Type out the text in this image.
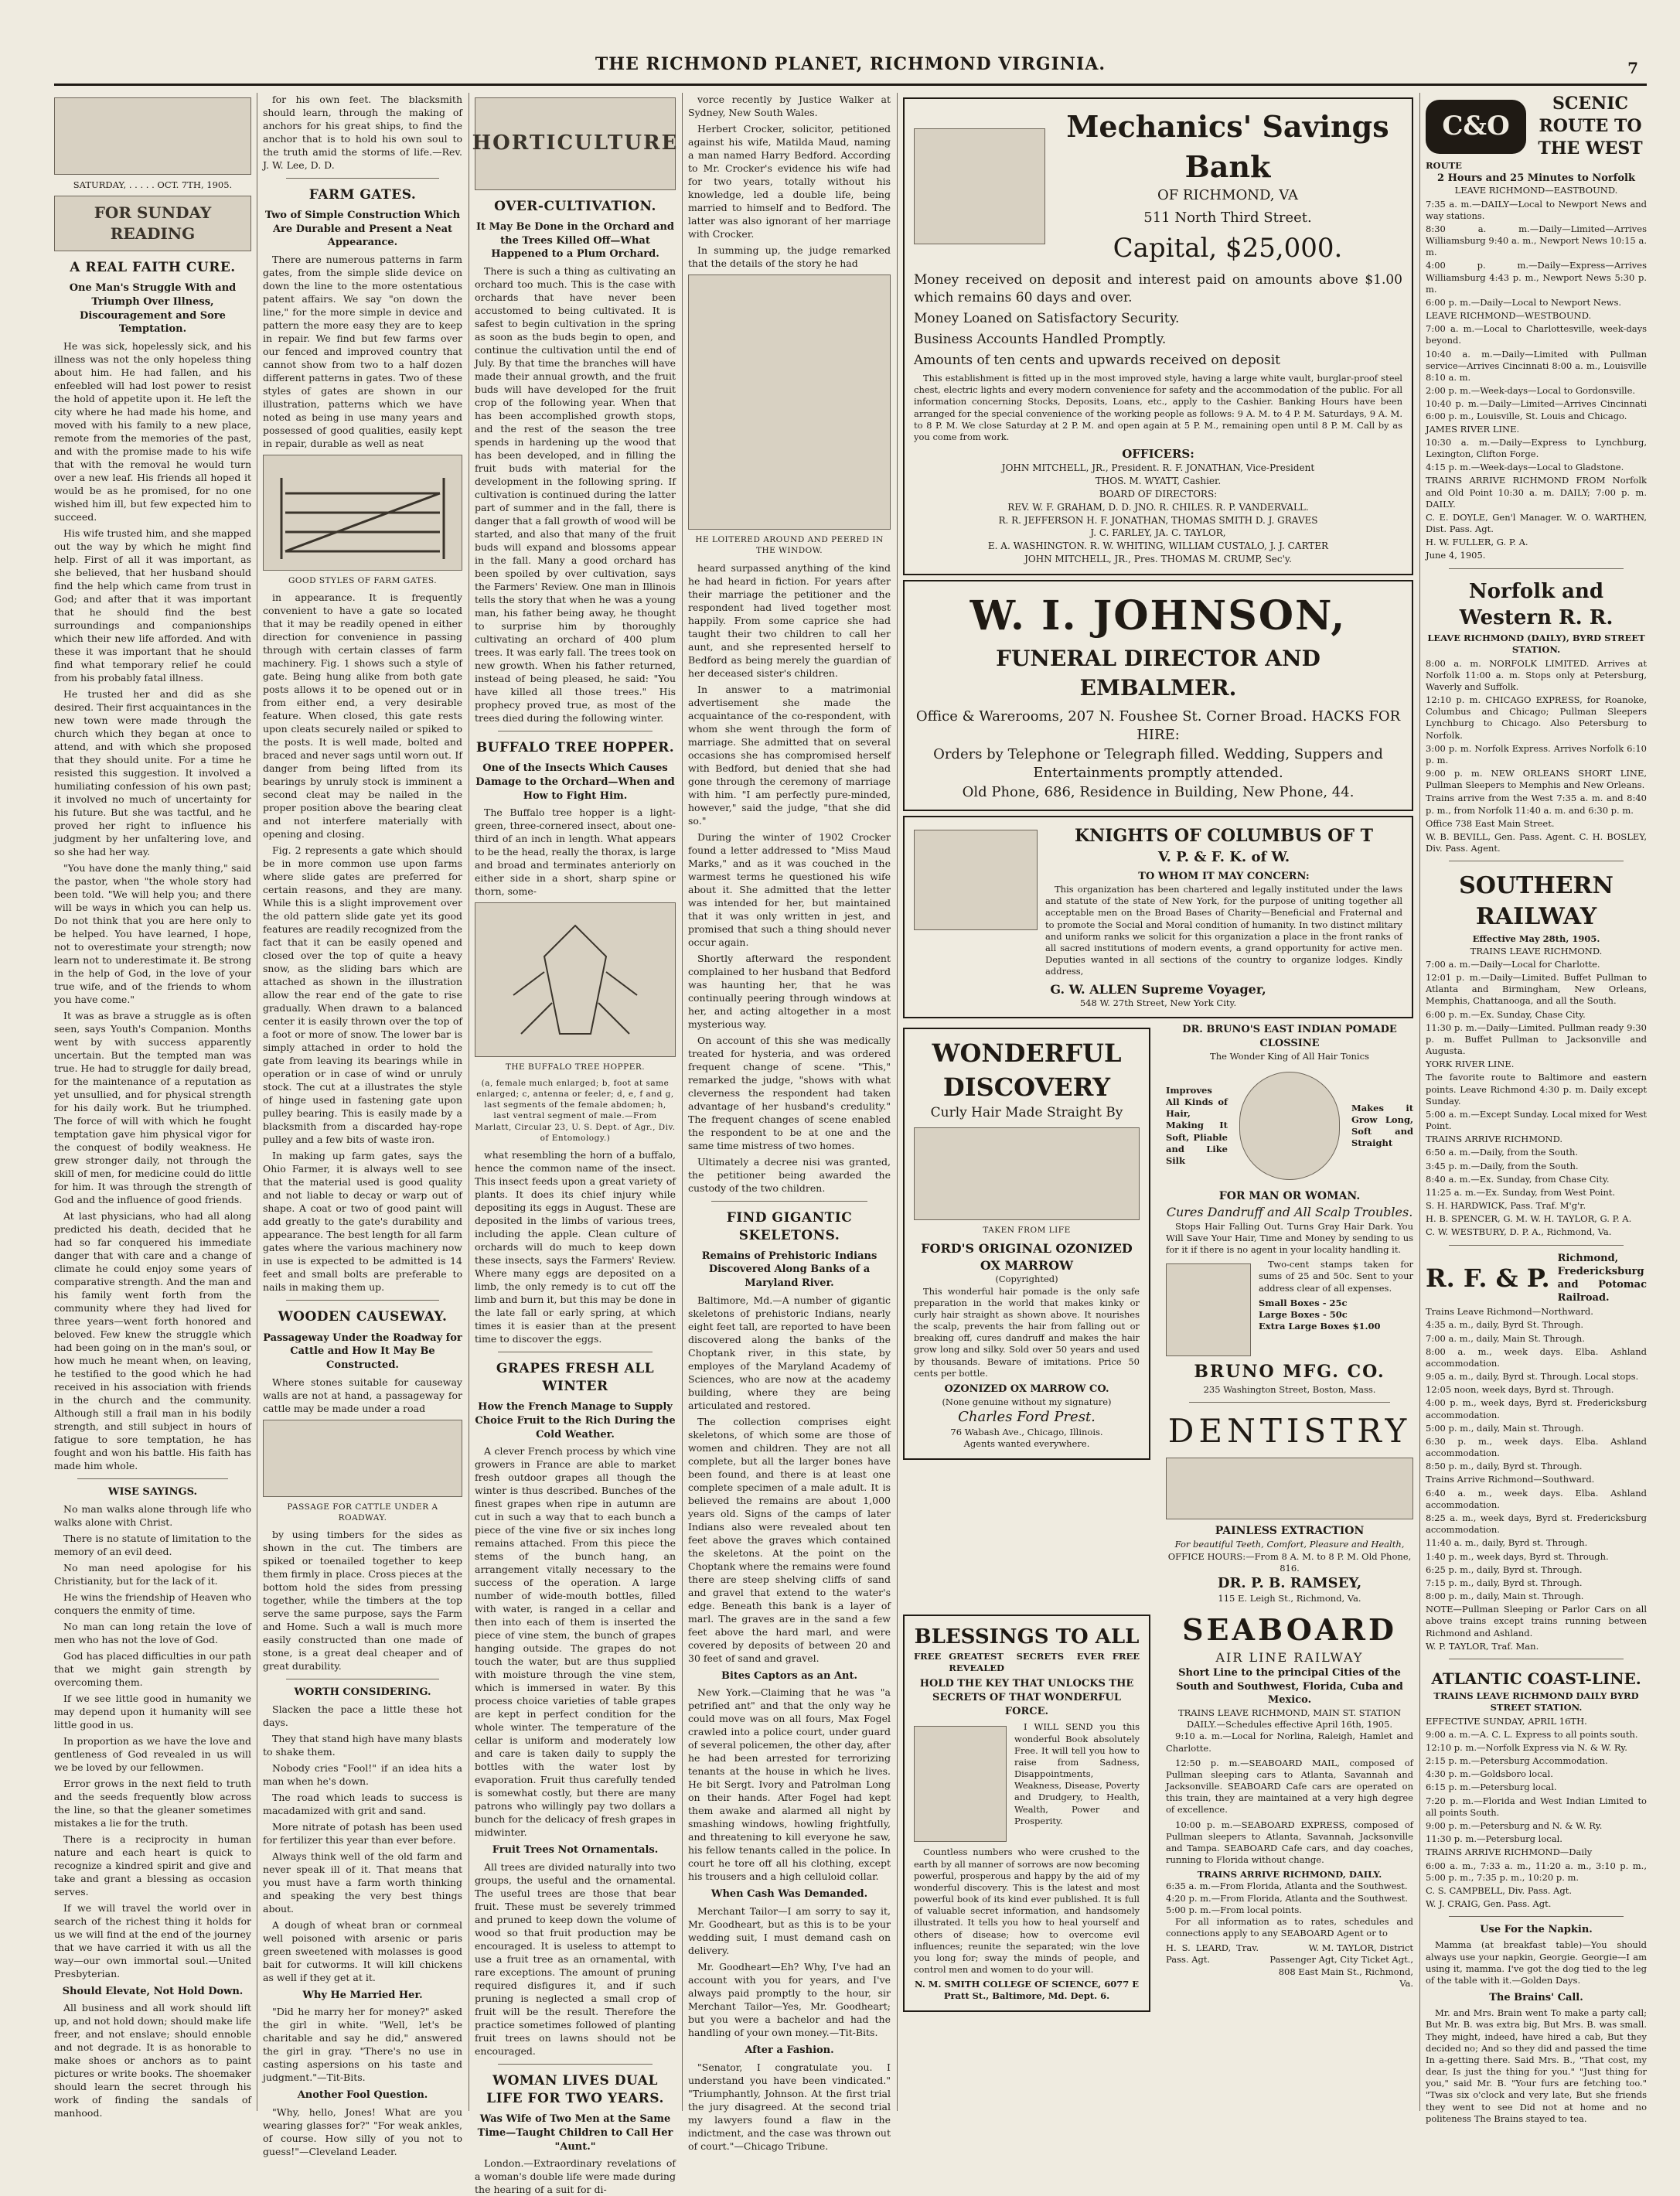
THE RICHMOND PLANET, RICHMOND VIRGINIA.	7
SATURDAY, . . . . . OCT. 7TH, 1905.
FOR SUNDAY READING
A REAL FAITH CURE.
One Man's Struggle With and Triumph Over Illness, Discouragement and Sore Temptation.

He was sick, hopelessly sick, and his illness was not the only hopeless thing about him. He had fallen, and his enfeebled will had lost power to resist the hold of appetite upon it. He left the city where he had made his home, and moved with his family to a new place, remote from the memories of the past, and with the promise made to his wife that with the removal he would turn over a new leaf. His friends all hoped it would be as he promised, for no one wished him ill, but few expected him to succeed.

His wife trusted him, and she mapped out the way by which he might find help. First of all it was important, as she believed, that her husband should find the help which came from trust in God; and after that it was important that he should find the best surroundings and companionships which their new life afforded. And with these it was important that he should find what temporary relief he could from his probably fatal illness.

He trusted her and did as she desired. Their first acquaintances in the new town were made through the church which they began at once to attend, and with which she proposed that they should unite. For a time he resisted this suggestion. It involved a humiliating confession of his own past; it involved no much of uncertainty for his future. But she was tactful, and he proved her right to influence his judgment by her unfaltering love, and so she had her way.

"You have done the manly thing," said the pastor, when "the whole story had been told. "We will help you; and there will be ways in which you can help us. Do not think that you are here only to be helped. You have learned, I hope, not to overestimate your strength; now learn not to underestimate it. Be strong in the help of God, in the love of your true wife, and of the friends to whom you have come."

It was as brave a struggle as is often seen, says Youth's Companion. Months went by with success apparently uncertain. But the tempted man was true. He had to struggle for daily bread, for the maintenance of a reputation as yet unsullied, and for physical strength for his daily work. But he triumphed. The force of will with which he fought temptation gave him physical vigor for the conquest of bodily weakness. He grew stronger daily, not through the skill of men, for medicine could do little for him. It was through the strength of God and the influence of good friends.

At last physicians, who had all along predicted his death, decided that he had so far conquered his immediate danger that with care and a change of climate he could enjoy some years of comparative strength. And the man and his family went forth from the community where they had lived for three years—went forth honored and beloved. Few knew the struggle which had been going on in the man's soul, or how much he meant when, on leaving, he testified to the good which he had received in his association with friends in the church and the community. Although still a frail man in his bodily strength, and still subject in hours of fatigue to sore temptation, he has fought and won his battle. His faith has made him whole.

WISE SAYINGS.

No man walks alone through life who walks alone with Christ.

There is no statute of limitation to the memory of an evil deed.

No man need apologise for his Christianity, but for the lack of it.

He wins the friendship of Heaven who conquers the enmity of time.

No man can long retain the love of men who has not the love of God.

God has placed difficulties in our path that we might gain strength by overcoming them.

If we see little good in humanity we may depend upon it humanity will see little good in us.

In proportion as we have the love and gentleness of God revealed in us will we be loved by our fellowmen.

Error grows in the next field to truth and the seeds frequently blow across the line, so that the gleaner sometimes mistakes a lie for the truth.

There is a reciprocity in human nature and each heart is quick to recognize a kindred spirit and give and take and grant a blessing as occasion serves.

If we will travel the world over in search of the richest thing it holds for us we will find at the end of the journey that we have carried it with us all the way—our own immortal soul.—United Presbyterian.

Should Elevate, Not Hold Down.

All business and all work should lift up, and not hold down; should make life freer, and not enslave; should ennoble and not degrade. It is as honorable to make shoes or anchors as to paint pictures or write books. The shoemaker should learn the secret through his work of finding the sandals of manhood.

for his own feet. The blacksmith should learn, through the making of anchors for his great ships, to find the anchor that is to hold his own soul to the truth amid the storms of life.—Rev. J. W. Lee, D. D.

FARM GATES.
Two of Simple Construction Which Are Durable and Present a Neat Appearance.

There are numerous patterns in farm gates, from the simple slide device on down the line to the more ostentatious patent affairs. We say "on down the line," for the more simple in device and pattern the more easy they are to keep in repair. We find but few farms over our fenced and improved country that cannot show from two to a half dozen different patterns in gates. Two of these styles of gates are shown in our illustration, patterns which we have noted as being in use many years and possessed of good qualities, easily kept in repair, durable as well as neat

GOOD STYLES OF FARM GATES.

in appearance. It is frequently convenient to have a gate so located that it may be readily opened in either direction for convenience in passing through with certain classes of farm machinery. Fig. 1 shows such a style of gate. Being hung alike from both gate posts allows it to be opened out or in from either end, a very desirable feature. When closed, this gate rests upon cleats securely nailed or spiked to the posts. It is well made, bolted and braced and never sags until worn out. If danger from being lifted from its bearings by unruly stock is imminent a second cleat may be nailed in the proper position above the bearing cleat and not interfere materially with opening and closing.

Fig. 2 represents a gate which should be in more common use upon farms where slide gates are preferred for certain reasons, and they are many. While this is a slight improvement over the old pattern slide gate yet its good features are readily recognized from the fact that it can be easily opened and closed over the top of quite a heavy snow, as the sliding bars which are attached as shown in the illustration allow the rear end of the gate to rise gradually. When drawn to a balanced center it is easily thrown over the top of a foot or more of snow. The lower bar is simply attached in order to hold the gate from leaving its bearings while in operation or in case of wind or unruly stock. The cut at a illustrates the style of hinge used in fastening gate upon pulley bearing. This is easily made by a blacksmith from a discarded hay-rope pulley and a few bits of waste iron.

In making up farm gates, says the Ohio Farmer, it is always well to see that the material used is good quality and not liable to decay or warp out of shape. A coat or two of good paint will add greatly to the gate's durability and appearance. The best length for all farm gates where the various machinery now in use is expected to be admitted is 14 feet and small bolts are preferable to nails in making them up.

WOODEN CAUSEWAY.
Passageway Under the Roadway for Cattle and How It May Be Constructed.

Where stones suitable for causeway walls are not at hand, a passageway for cattle may be made under a road

PASSAGE FOR CATTLE UNDER A ROADWAY.

by using timbers for the sides as shown in the cut. The timbers are spiked or toenailed together to keep them firmly in place. Cross pieces at the bottom hold the sides from pressing together, while the timbers at the top serve the same purpose, says the Farm and Home. Such a wall is much more easily constructed than one made of stone, is a great deal cheaper and of great durability.

WORTH CONSIDERING.

Slacken the pace a little these hot days.

They that stand high have many blasts to shake them.

Nobody cries "Fool!" if an idea hits a man when he's down.

The road which leads to success is macadamized with grit and sand.

More nitrate of potash has been used for fertilizer this year than ever before.

Always think well of the old farm and never speak ill of it. That means that you must have a farm worth thinking and speaking the very best things about.

A dough of wheat bran or cornmeal well poisoned with arsenic or paris green sweetened with molasses is good bait for cutworms. It will kill chickens as well if they get at it.

Why He Married Her.

"Did he marry her for money?" asked the girl in white. "Well, let's be charitable and say he did," answered the girl in gray. "There's no use in casting aspersions on his taste and judgment."—Tit-Bits.

Another Fool Question.

"Why, hello, Jones! What are you wearing glasses for?" "For weak ankles, of course. How silly of you not to guess!"—Cleveland Leader.

HORTICULTURE
OVER-CULTIVATION.
It May Be Done in the Orchard and the Trees Killed Off—What Happened to a Plum Orchard.

There is such a thing as cultivating an orchard too much. This is the case with orchards that have never been accustomed to being cultivated. It is safest to begin cultivation in the spring as soon as the buds begin to open, and continue the cultivation until the end of July. By that time the branches will have made their annual growth, and the fruit buds will have developed for the fruit crop of the following year. When that has been accomplished growth stops, and the rest of the season the tree spends in hardening up the wood that has been developed, and in filling the fruit buds with material for the development in the following spring. If cultivation is continued during the latter part of summer and in the fall, there is danger that a fall growth of wood will be started, and also that many of the fruit buds will expand and blossoms appear in the fall. Many a good orchard has been spoiled by over cultivation, says the Farmers' Review. One man in Illinois tells the story that when he was a young man, his father being away, he thought to surprise him by thoroughly cultivating an orchard of 400 plum trees. It was early fall. The trees took on new growth. When his father returned, instead of being pleased, he said: "You have killed all those trees." His prophecy proved true, as most of the trees died during the following winter.

BUFFALO TREE HOPPER.
One of the Insects Which Causes Damage to the Orchard—When and How to Fight Him.

The Buffalo tree hopper is a light-green, three-cornered insect, about one-third of an inch in length. What appears to be the head, really the thorax, is large and broad and terminates anteriorly on either side in a short, sharp spine or thorn, some-

THE BUFFALO TREE HOPPER.
(a, female much enlarged; b, foot at same enlarged; c, antenna or feeler; d, e, f and g, last segments of the female abdomen; h, last ventral segment of male.—From Marlatt, Circular 23, U. S. Dept. of Agr., Div. of Entomology.)

what resembling the horn of a buffalo, hence the common name of the insect. This insect feeds upon a great variety of plants. It does its chief injury while depositing its eggs in August. These are deposited in the limbs of various trees, including the apple. Clean culture of orchards will do much to keep down these insects, says the Farmers' Review. Where many eggs are deposited on a limb, the only remedy is to cut off the limb and burn it, but this may be done in the late fall or early spring, at which times it is easier than at the present time to discover the eggs.

GRAPES FRESH ALL WINTER
How the French Manage to Supply Choice Fruit to the Rich During the Cold Weather.

A clever French process by which vine growers in France are able to market fresh outdoor grapes all though the winter is thus described. Bunches of the finest grapes when ripe in autumn are cut in such a way that to each bunch a piece of the vine five or six inches long remains attached. From this piece the stems of the bunch hang, an arrangement vitally necessary to the success of the operation. A large number of wide-mouth bottles, filled with water, is ranged in a cellar and then into each of them is inserted the piece of vine stem, the bunch of grapes hanging outside. The grapes do not touch the water, but are thus supplied with moisture through the vine stem, which is immersed in water. By this process choice varieties of table grapes are kept in perfect condition for the whole winter. The temperature of the cellar is uniform and moderately low and care is taken daily to supply the bottles with the water lost by evaporation. Fruit thus carefully tended is somewhat costly, but there are many patrons who willingly pay two dollars a bunch for the delicacy of fresh grapes in midwinter.

Fruit Trees Not Ornamentals.

All trees are divided naturally into two groups, the useful and the ornamental. The useful trees are those that bear fruit. These must be severely trimmed and pruned to keep down the volume of wood so that fruit production may be encouraged. It is useless to attempt to use a fruit tree as an ornamental, with rare exceptions. The amount of pruning required disfigures it, and if such pruning is neglected a small crop of fruit will be the result. Therefore the practice sometimes followed of planting fruit trees on lawns should not be encouraged.

WOMAN LIVES DUAL LIFE FOR TWO YEARS.
Was Wife of Two Men at the Same Time—Taught Children to Call Her "Aunt."

London.—Extraordinary revelations of a woman's double life were made during the hearing of a suit for di-

vorce recently by Justice Walker at Sydney, New South Wales.

Herbert Crocker, solicitor, petitioned against his wife, Matilda Maud, naming a man named Harry Bedford. According to Mr. Crocker's evidence his wife had for two years, totally without his knowledge, led a double life, being married to himself and to Bedford. The latter was also ignorant of her marriage with Crocker.

In summing up, the judge remarked that the details of the story he had

HE LOITERED AROUND AND PEERED IN THE WINDOW.

heard surpassed anything of the kind he had heard in fiction. For years after their marriage the petitioner and the respondent had lived together most happily. From some caprice she had taught their two children to call her aunt, and she represented herself to Bedford as being merely the guardian of her deceased sister's children.

In answer to a matrimonial advertisement she made the acquaintance of the co-respondent, with whom she went through the form of marriage. She admitted that on several occasions she has compromised herself with Bedford, but denied that she had gone through the ceremony of marriage with him. "I am perfectly pure-minded, however," said the judge, "that she did so."

During the winter of 1902 Crocker found a letter addressed to "Miss Maud Marks," and as it was couched in the warmest terms he questioned his wife about it. She admitted that the letter was intended for her, but maintained that it was only written in jest, and promised that such a thing should never occur again.

Shortly afterward the respondent complained to her husband that Bedford was haunting her, that he was continually peering through windows at her, and acting altogether in a most mysterious way.

On account of this she was medically treated for hysteria, and was ordered frequent change of scene. "This," remarked the judge, "shows with what cleverness the respondent had taken advantage of her husband's credulity." The frequent changes of scene enabled the respondent to be at one and the same time mistress of two homes.

Ultimately a decree nisi was granted, the petitioner being awarded the custody of the two children.

FIND GIGANTIC SKELETONS.
Remains of Prehistoric Indians Discovered Along Banks of a Maryland River.

Baltimore, Md.—A number of gigantic skeletons of prehistoric Indians, nearly eight feet tall, are reported to have been discovered along the banks of the Choptank river, in this state, by employes of the Maryland Academy of Sciences, who are now at the academy building, where they are being articulated and restored.

The collection comprises eight skeletons, of which some are those of women and children. They are not all complete, but all the larger bones have been found, and there is at least one complete specimen of a male adult. It is believed the remains are about 1,000 years old. Signs of the camps of later Indians also were revealed about ten feet above the graves which contained the skeletons. At the point on the Choptank where the remains were found there are steep shelving cliffs of sand and gravel that extend to the water's edge. Beneath this bank is a layer of marl. The graves are in the sand a few feet above the hard marl, and were covered by deposits of between 20 and 30 feet of sand and gravel.

Bites Captors as an Ant.

New York.—Claiming that he was "a petrified ant" and that the only way he could move was on all fours, Max Fogel crawled into a police court, under guard of several policemen, the other day, after he had been arrested for terrorizing tenants at the house in which he lives. He bit Sergt. Ivory and Patrolman Long on their hands. After Fogel had kept them awake and alarmed all night by smashing windows, howling frightfully, and threatening to kill everyone he saw, his fellow tenants called in the police. In court he tore off all his clothing, except his trousers and a high celluloid collar.

When Cash Was Demanded.

Merchant Tailor—I am sorry to say it, Mr. Goodheart, but as this is to be your wedding suit, I must demand cash on delivery.

Mr. Goodheart—Eh? Why, I've had an account with you for years, and I've always paid promptly to the hour, sir Merchant Tailor—Yes, Mr. Goodheart; but you were a bachelor and had the handling of your own money.—Tit-Bits.

After a Fashion.

"Senator, I congratulate you. I understand you have been vindicated." "Triumphantly, Johnson. At the first trial the jury disagreed. At the second trial my lawyers found a flaw in the indictment, and the case was thrown out of court."—Chicago Tribune.

Mechanics' Savings Bank
OF RICHMOND, VA
511 North Third Street.
Capital, $25,000.

Money received on deposit and interest paid on amounts above $1.00 which remains 60 days and over.

Money Loaned on Satisfactory Security.

Business Accounts Handled Promptly.

Amounts of ten cents and upwards received on deposit

This establishment is fitted up in the most improved style, having a large white vault, burglar-proof steel chest, electric lights and every modern convenience for safety and the accommodation of the public. For all information concerning Stocks, Deposits, Loans, etc., apply to the Cashier. Banking Hours have been arranged for the special convenience of the working people as follows: 9 A. M. to 4 P. M. Saturdays, 9 A. M. to 8 P. M. We close Saturday at 2 P. M. and open again at 5 P. M., remaining open until 8 P. M. Call by as you come from work.

OFFICERS:
JOHN MITCHELL, JR., President. R. F. JONATHAN, Vice-President
THOS. M. WYATT, Cashier.
BOARD OF DIRECTORS:
REV. W. F. GRAHAM, D. D. JNO. R. CHILES. R. P. VANDERVALL.
R. R. JEFFERSON H. F. JONATHAN, THOMAS SMITH D. J. GRAVES
J. C. FARLEY, JA. C. TAYLOR,
E. A. WASHINGTON. R. W. WHITING, WILLIAM CUSTALO, J. J. CARTER
JOHN MITCHELL, JR., Pres. THOMAS M. CRUMP, Sec'y.
W. I. JOHNSON,
FUNERAL DIRECTOR AND EMBALMER.
Office & Warerooms, 207 N. Foushee St. Corner Broad. HACKS FOR HIRE:
Orders by Telephone or Telegraph filled. Wedding, Suppers and Entertainments promptly attended.
Old Phone, 686, Residence in Building, New Phone, 44.
KNIGHTS OF COLUMBUS OF T
V. P. & F. K. of W.
TO WHOM IT MAY CONCERN:

This organization has been chartered and legally instituted under the laws and statute of the state of New York, for the purpose of uniting together all acceptable men on the Broad Bases of Charity—Beneficial and Fraternal and to promote the Social and Moral condition of humanity. In two distinct military and uniform ranks we solicit for this organization a place in the front ranks of all sacred institutions of modern events, a grand opportunity for active men. Deputies wanted in all sections of the country to organize lodges. Kindly address,

G. W. ALLEN Supreme Voyager,
548 W. 27th Street, New York City.
WONDERFUL DISCOVERY
Curly Hair Made Straight By
TAKEN FROM LIFE
FORD'S ORIGINAL OZONIZED OX MARROW
(Copyrighted)

This wonderful hair pomade is the only safe preparation in the world that makes kinky or curly hair straight as shown above. It nourishes the scalp, prevents the hair from falling out or breaking off, cures dandruff and makes the hair grow long and silky. Sold over 50 years and used by thousands. Beware of imitations. Price 50 cents per bottle.

OZONIZED OX MARROW CO.
(None genuine without my signature)
Charles Ford Prest.
76 Wabash Ave., Chicago, Illinois.
Agents wanted everywhere.
DR. BRUNO'S EAST INDIAN POMADE CLOSSINE
The Wonder King of All Hair Tonics
Improves All Kinds of Hair, Making It Soft, Pliable and Like Silk
Makes it Grow Long, Soft and Straight
FOR MAN OR WOMAN.
Cures Dandruff and All Scalp Troubles.

Stops Hair Falling Out. Turns Gray Hair Dark. You Will Save Your Hair, Time and Money by sending to us for it if there is no agent in your locality handling it.

Two-cent stamps taken for sums of 25 and 50c. Sent to your address clear of all expenses.

Small Boxes - 25c
Large Boxes - 50c
Extra Large Boxes $1.00
BRUNO MFG. CO.
235 Washington Street, Boston, Mass.
DENTISTRY
PAINLESS EXTRACTION
For beautiful Teeth, Comfort, Pleasure and Health,
OFFICE HOURS:—From 8 A. M. to 8 P. M. Old Phone, 816.
DR. P. B. RAMSEY,
115 E. Leigh St., Richmond, Va.
BLESSINGS TO ALL
FREE GREATEST SECRETS EVER REVEALED
FREE
HOLD THE KEY THAT UNLOCKS THE SECRETS OF THAT WONDERFUL FORCE.

I WILL SEND you this wonderful Book absolutely Free. It will tell you how to raise from Sadness, Disappointments, Weakness, Disease, Poverty and Drudgery, to Health, Wealth, Power and Prosperity.

Countless numbers who were crushed to the earth by all manner of sorrows are now becoming powerful, prosperous and happy by the aid of my wonderful discovery. This is the latest and most powerful book of its kind ever published. It is full of valuable secret information, and handsomely illustrated. It tells you how to heal yourself and others of disease; how to overcome evil influences; reunite the separated; win the love you long for; sway the minds of people, and control men and women to do your will.

N. M. SMITH COLLEGE OF SCIENCE, 6077 E Pratt St., Baltimore, Md. Dept. 6.
SEABOARD
AIR LINE RAILWAY
Short Line to the principal Cities of the South and Southwest, Florida, Cuba and Mexico.
TRAINS LEAVE RICHMOND, MAIN ST. STATION DAILY.—Schedules effective April 16th, 1905.

9:10 a. m.—Local for Norlina, Raleigh, Hamlet and Charlotte.

12:50 p. m.—SEABOARD MAIL, composed of Pullman sleeping cars to Atlanta, Savannah and Jacksonville. SEABOARD Cafe cars are operated on this train, they are maintained at a very high degree of excellence.

10:00 p. m.—SEABOARD EXPRESS, composed of Pullman sleepers to Atlanta, Savannah, Jacksonville and Tampa. SEABOARD Cafe cars, and day coaches, running to Florida without change.

TRAINS ARRIVE RICHMOND, DAILY.
6:35 a. m.—From Florida, Atlanta and the Southwest.
4:20 p. m.—From Florida, Atlanta and the Southwest.
5:00 p. m.—From local points.

For all information as to rates, schedules and connections apply to any SEABOARD Agent or to

H. S. LEARD, Trav. Pass. Agt.
W. M. TAYLOR, District Passenger Agt, City Ticket Agt., 808 East Main St., Richmond, Va.
C&O
SCENIC ROUTE TO THE WEST
ROUTE
2 Hours and 25 Minutes to Norfolk
LEAVE RICHMOND—EASTBOUND.
7:35 a. m.—DAILY—Local to Newport News and way stations.
8:30 a. m.—Daily—Limited—Arrives Williamsburg 9:40 a. m., Newport News 10:15 a. m.
4:00 p. m.—Daily—Express—Arrives Williamsburg 4:43 p. m., Newport News 5:30 p. m.
6:00 p. m.—Daily—Local to Newport News.
LEAVE RICHMOND—WESTBOUND.
7:00 a. m.—Local to Charlottesville, week-days beyond.
10:40 a. m.—Daily—Limited with Pullman service—Arrives Cincinnati 8:00 a. m., Louisville 8:10 a. m.
2:00 p. m.—Week-days—Local to Gordonsville.
10:40 p. m.—Daily—Limited—Arrives Cincinnati 6:00 p. m., Louisville, St. Louis and Chicago.
JAMES RIVER LINE.
10:30 a. m.—Daily—Express to Lynchburg, Lexington, Clifton Forge.
4:15 p. m.—Week-days—Local to Gladstone.
TRAINS ARRIVE RICHMOND FROM Norfolk and Old Point 10:30 a. m. DAILY; 7:00 p. m. DAILY.
C. E. DOYLE, Gen'l Manager. W. O. WARTHEN, Dist. Pass. Agt.
H. W. FULLER, G. P. A.
June 4, 1905.
Norfolk and Western R. R.
LEAVE RICHMOND (DAILY), BYRD STREET STATION.
8:00 a. m. NORFOLK LIMITED. Arrives at Norfolk 11:00 a. m. Stops only at Petersburg, Waverly and Suffolk.
12:10 p. m. CHICAGO EXPRESS, for Roanoke, Columbus and Chicago; Pullman Sleepers Lynchburg to Chicago. Also Petersburg to Norfolk.
3:00 p. m. Norfolk Express. Arrives Norfolk 6:10 p. m.
9:00 p. m. NEW ORLEANS SHORT LINE, Pullman Sleepers to Memphis and New Orleans.
Trains arrive from the West 7:35 a. m. and 8:40 p. m., from Norfolk 11:40 a. m. and 6:30 p. m.
Office 738 East Main Street.
W. B. BEVILL, Gen. Pass. Agent. C. H. BOSLEY, Div. Pass. Agent.
SOUTHERN RAILWAY
Effective May 28th, 1905.
TRAINS LEAVE RICHMOND.
7:00 a. m.—Daily—Local for Charlotte.
12:01 p. m.—Daily—Limited. Buffet Pullman to Atlanta and Birmingham, New Orleans, Memphis, Chattanooga, and all the South.
6:00 p. m.—Ex. Sunday, Chase City.
11:30 p. m.—Daily—Limited. Pullman ready 9:30 p. m. Buffet Pullman to Jacksonville and Augusta.
YORK RIVER LINE.
The favorite route to Baltimore and eastern points. Leave Richmond 4:30 p. m. Daily except Sunday.
5:00 a. m.—Except Sunday. Local mixed for West Point.
TRAINS ARRIVE RICHMOND.
6:50 a. m.—Daily, from the South.
3:45 p. m.—Daily, from the South.
8:40 a. m.—Ex. Sunday, from Chase City.
11:25 a. m.—Ex. Sunday, from West Point.
S. H. HARDWICK, Pass. Traf. M'g'r.
H. B. SPENCER, G. M. W. H. TAYLOR, G. P. A.
C. W. WESTBURY, D. P. A., Richmond, Va.
R. F. & P.
Richmond, Fredericksburg and Potomac Railroad.
Trains Leave Richmond—Northward.
4:35 a. m., daily, Byrd St. Through.
7:00 a. m., daily, Main St. Through.
8:00 a. m., week days. Elba. Ashland accommodation.
9:05 a. m., daily, Byrd st. Through. Local stops.
12:05 noon, week days, Byrd st. Through.
4:00 p. m., week days, Byrd st. Fredericksburg accommodation.
5:00 p. m., daily, Main st. Through.
6:30 p. m., week days. Elba. Ashland accommodation.
8:50 p. m., daily, Byrd st. Through.
Trains Arrive Richmond—Southward.
6:40 a. m., week days. Elba. Ashland accommodation.
8:25 a. m., week days, Byrd st. Fredericksburg accommodation.
11:40 a. m., daily, Byrd st. Through.
1:40 p. m., week days, Byrd st. Through.
6:25 p. m., daily, Byrd st. Through.
7:15 p. m., daily, Byrd st. Through.
8:00 p. m., daily, Main st. Through.
NOTE—Pullman Sleeping or Parlor Cars on all above trains except trains running between Richmond and Ashland.
W. P. TAYLOR, Traf. Man.
ATLANTIC COAST-LINE.
TRAINS LEAVE RICHMOND DAILY BYRD STREET STATION.
EFFECTIVE SUNDAY, APRIL 16TH.
9:00 a. m.—A. C. L. Express to all points south.
12:10 p. m.—Norfolk Express via N. & W. Ry.
2:15 p. m.—Petersburg Accommodation.
4:30 p. m.—Goldsboro local.
6:15 p. m.—Petersburg local.
7:20 p. m.—Florida and West Indian Limited to all points South.
9:00 p. m.—Petersburg and N. & W. Ry.
11:30 p. m.—Petersburg local.
TRAINS ARRIVE RICHMOND—Daily
6:00 a. m., 7:33 a. m., 11:20 a. m., 3:10 p. m., 5:00 p. m., 7:35 p. m., 10:20 p. m.
C. S. CAMPBELL, Div. Pass. Agt.
W. J. CRAIG, Gen. Pass. Agt.
Use For the Napkin.

Mamma (at breakfast table)—You should always use your napkin, Georgie. Georgie—I am using it, mamma. I've got the dog tied to the leg of the table with it.—Golden Days.

The Brains' Call.

Mr. and Mrs. Brain went To make a party call; But Mr. B. was extra big, But Mrs. B. was small. They might, indeed, have hired a cab, But they decided no; And so they did and passed the time In a-getting there. Said Mrs. B., "That cost, my dear, Is just the thing for you." "Just thing for you," said Mr. B. "Your furs are fetching too." "Twas six o'clock and very late, But she friends they went to see Did not at home and no politeness The Brains stayed to tea.
